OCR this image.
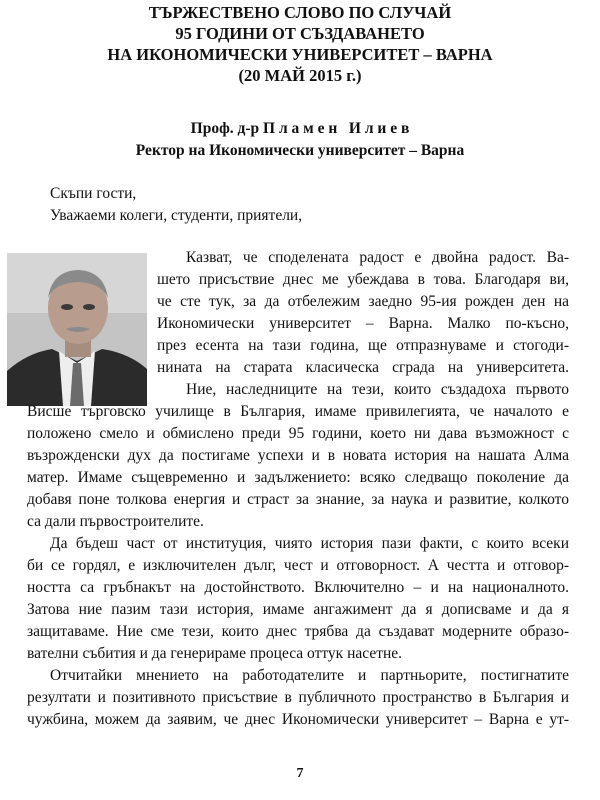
ТЪРЖЕСТВЕНО СЛОВО ПО СЛУЧАЙ
95 ГОДИНИ ОТ СЪЗДАВАНЕТО
НА ИКОНОМИЧЕСКИ УНИВЕРСИТЕТ – ВАРНА
(20 МАЙ 2015 г.)
Проф. д-р П л а м е н   И л и е в
Ректор на Икономически университет – Варна
Скъпи гости,
Уважаеми колеги, студенти, приятели,
Казват, че споделената радост е двойна радост. Ва-
шето присъствие днес ме убеждава в това. Благодаря ви,
че сте тук, за да отбележим заедно 95-ия рожден ден на
Икономически университет – Варна. Малко по-късно,
през есента на тази година, ще отпразнуваме и стогоди-
нината на старата класическа сграда на университета.
Ние, наследниците на тези, които създадоха първото
Висше търговско училище в България, имаме привилегията, че началото е
положено смело и обмислено преди 95 години, което ни дава възможност с
възрожденски дух да постигаме успехи и в новата история на нашата Алма
матер. Имаме същевременно и задължението: всяко следващо поколение да
добавя поне толкова енергия и страст за знание, за наука и развитие, колкото
са дали първостроителите.
Да бъдеш част от институция, чиято история пази факти, с които всеки
би се гордял, е изключителен дълг, чест и отговорност. А честта и отговор-
ността са гръбнакът на достойнството. Включително – и на националното.
Затова ние пазим тази история, имаме ангажимент да я дописваме и да я
защитаваме. Ние сме тези, които днес трябва да създават модерните образо-
вателни събития и да генерираме процеса оттук насетне.
Отчитайки мнението на работодателите и партньорите, постигнатите
резултати и позитивното присъствие в публичното пространство в България и
чужбина, можем да заявим, че днес Икономически университет – Варна е ут-
7
